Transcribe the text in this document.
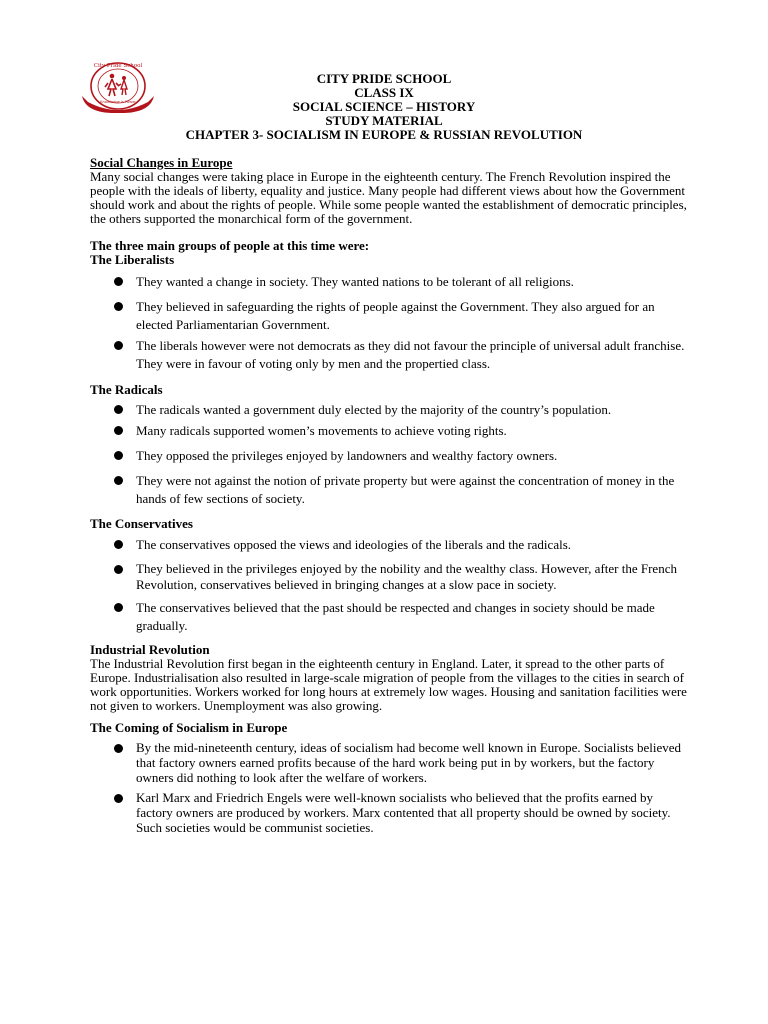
City Pride School
Knowledge is Power
CITY PRIDE SCHOOL
CLASS IX
SOCIAL SCIENCE – HISTORY
STUDY MATERIAL
CHAPTER 3- SOCIALISM IN EUROPE & RUSSIAN REVOLUTION
Social Changes in Europe

Many social changes were taking place in Europe in the eighteenth century. The French Revolution inspired the people with the ideals of liberty, equality and justice. Many people had different views about how the Government should work and about the rights of people. While some people wanted the establishment of democratic principles, the others supported the monarchical form of the government.

The three main groups of people at this time were:
The Liberalists
They wanted a change in society. They wanted nations to be tolerant of all religions.
They believed in safeguarding the rights of people against the Government. They also argued for an elected Parliamentarian Government.
The liberals however were not democrats as they did not favour the principle of universal adult franchise. They were in favour of voting only by men and the propertied class.
The Radicals
The radicals wanted a government duly elected by the majority of the country’s population.
Many radicals supported women’s movements to achieve voting rights.
They opposed the privileges enjoyed by landowners and wealthy factory owners.
They were not against the notion of private property but were against the concentration of money in the hands of few sections of society.
The Conservatives
The conservatives opposed the views and ideologies of the liberals and the radicals.
They believed in the privileges enjoyed by the nobility and the wealthy class. However, after the French Revolution, conservatives believed in bringing changes at a slow pace in society.
The conservatives believed that the past should be respected and changes in society should be made gradually.
Industrial Revolution

The Industrial Revolution first began in the eighteenth century in England. Later, it spread to the other parts of Europe. Industrialisation also resulted in large-scale migration of people from the villages to the cities in search of work opportunities. Workers worked for long hours at extremely low wages. Housing and sanitation facilities were not given to workers. Unemployment was also growing.

The Coming of Socialism in Europe
By the mid-nineteenth century, ideas of socialism had become well known in Europe. Socialists believed that factory owners earned profits because of the hard work being put in by workers, but the factory owners did nothing to look after the welfare of workers.
Karl Marx and Friedrich Engels were well-known socialists who believed that the profits earned by factory owners are produced by workers. Marx contented that all property should be owned by society. Such societies would be communist societies.
